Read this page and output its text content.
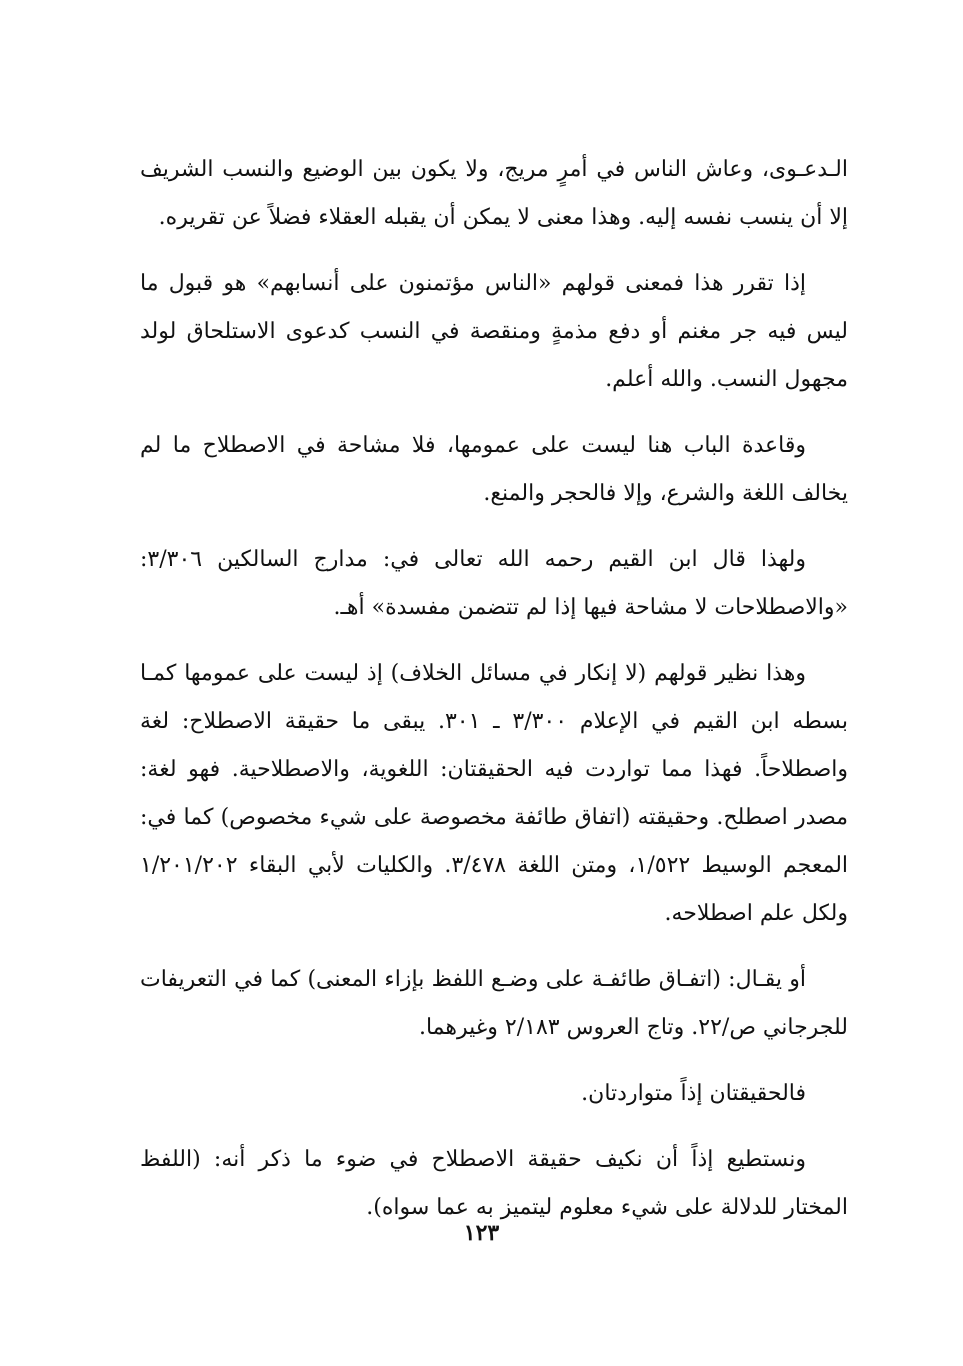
الـدعـوى، وعاش الناس في أمرٍ مريج، ولا يكون بين الوضيع والنسب الشريف إلا أن ينسب نفسه إليه. وهذا معنى لا يمكن أن يقبله العقلاء فضلاً عن تقريره.

إذا تقرر هذا فمعنى قولهم «الناس مؤتمنون على أنسابهم» هو قبول ما ليس فيه جر مغنم أو دفع مذمةٍ ومنقصة في النسب كدعوى الاستلحاق لولد مجهول النسب. والله أعلم.

وقاعدة الباب هنا ليست على عمومها، فلا مشاحة في الاصطلاح ما لم يخالف اللغة والشرع، وإلا فالحجر والمنع.

ولهذا قال ابن القيم رحمه الله تعالى في: مدارج السالكين ٣/٣٠٦: «والاصطلاحات لا مشاحة فيها إذا لم تتضمن مفسدة» أهـ.

وهذا نظير قولهم (لا إنكار في مسائل الخلاف) إذ ليست على عمومها كمـا بسطه ابن القيم في الإعلام ٣/٣٠٠ ـ ٣٠١. يبقى ما حقيقة الاصطلاح: لغة واصطلاحاً. فهذا مما تواردت فيه الحقيقتان: اللغوية، والاصطلاحية. فهو لغة: مصدر اصطلح. وحقيقته (اتفاق طائفة مخصوصة على شيء مخصوص) كما في: المعجم الوسيط ١/٥٢٢، ومتن اللغة ٣/٤٧٨. والكليات لأبي البقاء ١/٢٠١/٢٠٢ ولكل علم اصطلاحه.

أو يقـال: (اتفـاق طائفـة على وضـع اللفظ بإزاء المعنى) كما في التعريفات للجرجاني ص/٢٢. وتاج العروس ٢/١٨٣ وغيرهما.

فالحقيقتان إذاً متواردتان.

ونستطيع إذاً أن نكيف حقيقة الاصطلاح في ضوء ما ذكر أنه: (اللفظ المختار للدلالة على شيء معلوم ليتميز به عما سواه).

١٢٣
